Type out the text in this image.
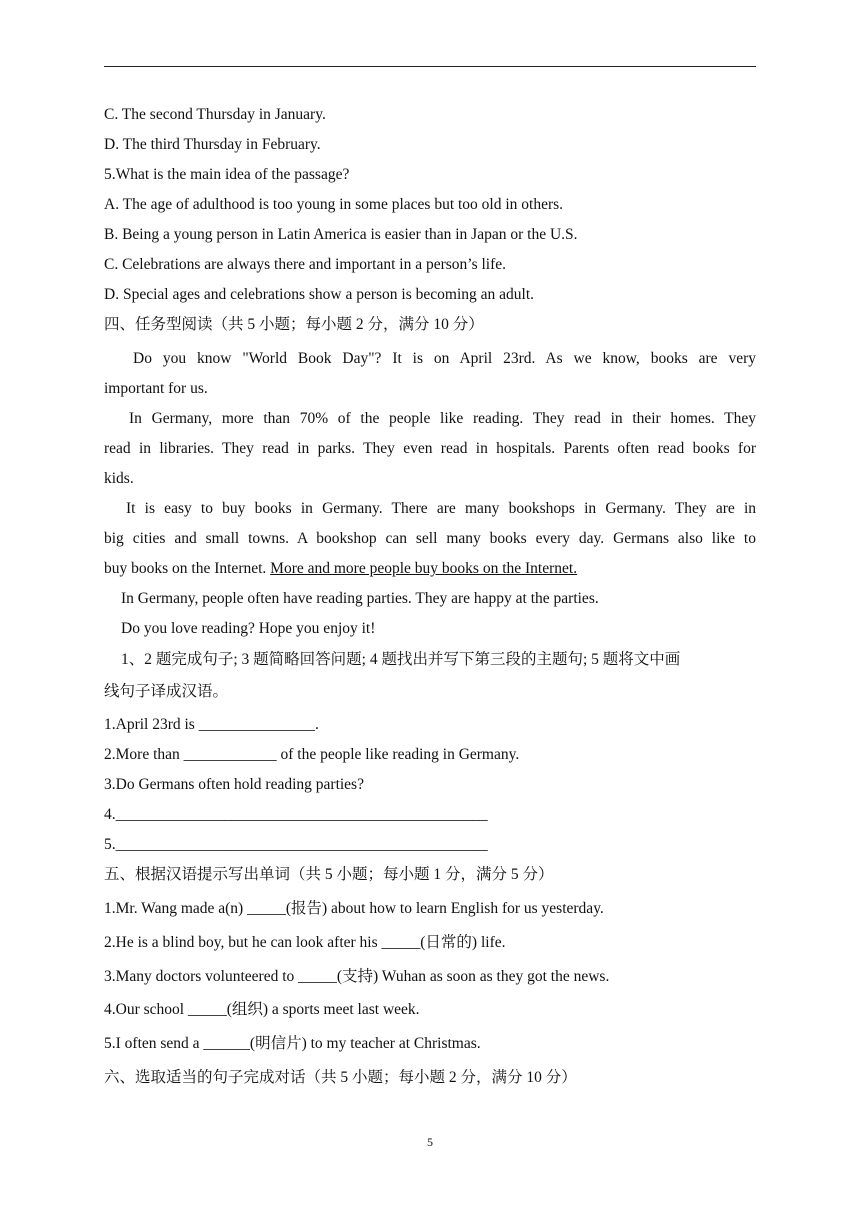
C. The second Thursday in January.
D. The third Thursday in February.
5.What is the main idea of the passage?
A. The age of adulthood is too young in some places but too old in others.
B. Being a young person in Latin America is easier than in Japan or the U.S.
C. Celebrations are always there and important in a person’s life.
D. Special ages and celebrations show a person is becoming an adult.
四、任务型阅读（共 5 小题；每小题 2 分，满分 10 分）
Do you know "World Book Day"? It is on April 23rd. As we know, books are very
important for us.
In Germany, more than 70% of the people like reading. They read in their homes. They
read in libraries. They read in parks. They even read in hospitals. Parents often read books for
kids.
It is easy to buy books in Germany. There are many bookshops in Germany. They are in
big cities and small towns. A bookshop can sell many books every day. Germans also like to
buy books on the Internet. More and more people buy books on the Internet.
In Germany, people often have reading parties. They are happy at the parties.
Do you love reading? Hope you enjoy it!
1、2 题完成句子; 3 题简略回答问题; 4 题找出并写下第三段的主题句; 5 题将文中画
线句子译成汉语。
1.April 23rd is _______________.
2.More than ____________ of the people like reading in Germany.
3.Do Germans often hold reading parties?
4.________________________________________________
5.________________________________________________
五、根据汉语提示写出单词（共 5 小题；每小题 1 分，满分 5 分）
1.Mr. Wang made a(n) _____(报告) about how to learn English for us yesterday.
2.He is a blind boy, but he can look after his _____(日常的) life.
3.Many doctors volunteered to _____(支持) Wuhan as soon as they got the news.
4.Our school _____(组织) a sports meet last week.
5.I often send a ______(明信片) to my teacher at Christmas.
六、选取适当的句子完成对话（共 5 小题；每小题 2 分，满分 10 分）
5
